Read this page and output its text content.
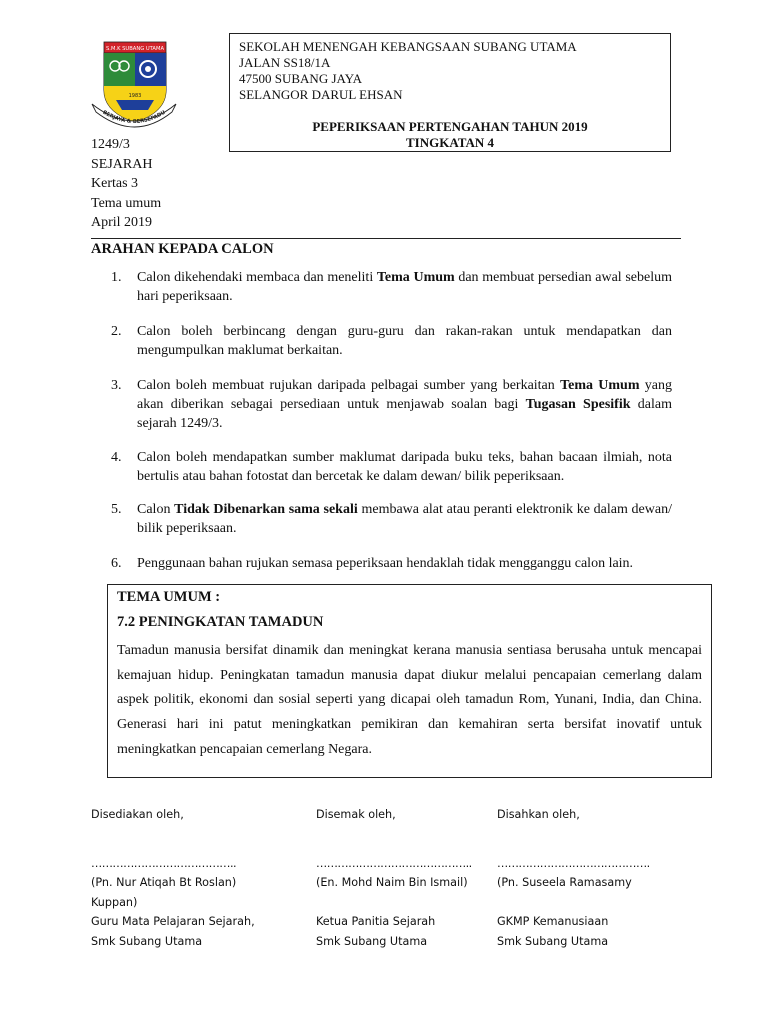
S.M.K SUBANG UTAMA
1983
BERJAYA & BERSEPADU
SEKOLAH MENENGAH KEBANGSAAN SUBANG UTAMA
JALAN SS18/1A
47500 SUBANG JAYA
SELANGOR DARUL EHSAN
PEPERIKSAAN PERTENGAHAN TAHUN 2019
TINGKATAN 4
1249/3
SEJARAH
Kertas 3
Tema umum
April 2019
ARAHAN KEPADA CALON
1. Calon dikehendaki membaca dan meneliti Tema Umum dan membuat persedian awal sebelum hari peperiksaan.
2. Calon boleh berbincang dengan guru-guru dan rakan-rakan untuk mendapatkan dan mengumpulkan maklumat berkaitan.
3. Calon boleh membuat rujukan daripada pelbagai sumber yang berkaitan Tema Umum yang akan diberikan sebagai persediaan untuk menjawab soalan bagi Tugasan Spesifik dalam sejarah 1249/3.
4. Calon boleh mendapatkan sumber maklumat daripada buku teks, bahan bacaan ilmiah, nota bertulis atau bahan fotostat dan bercetak ke dalam dewan/ bilik peperiksaan.
5. Calon Tidak Dibenarkan sama sekali membawa alat atau peranti elektronik ke dalam dewan/ bilik peperiksaan.
6. Penggunaan bahan rujukan semasa peperiksaan hendaklah tidak mengganggu calon lain.
TEMA UMUM :
7.2 PENINGKATAN TAMADUN
Tamadun manusia bersifat dinamik dan meningkat kerana manusia sentiasa berusaha untuk mencapai kemajuan hidup. Peningkatan tamadun manusia dapat diukur melalui pencapaian cemerlang dalam aspek politik, ekonomi dan sosial seperti yang dicapai oleh tamadun Rom, Yunani, India, dan China. Generasi hari ini patut meningkatkan pemikiran dan kemahiran serta bersifat inovatif untuk meningkatkan pencapaian cemerlang Negara.
Disediakan oleh,
…………………………………..
(Pn. Nur Atiqah Bt Roslan)
Kuppan)
Guru Mata Pelajaran Sejarah,
Smk Subang Utama
Disemak oleh,
……………………………………..
(En. Mohd Naim Bin Ismail)
Ketua Panitia Sejarah
Smk Subang Utama
Disahkan oleh,
…………………………………….
(Pn. Suseela Ramasamy
GKMP Kemanusiaan
Smk Subang Utama
